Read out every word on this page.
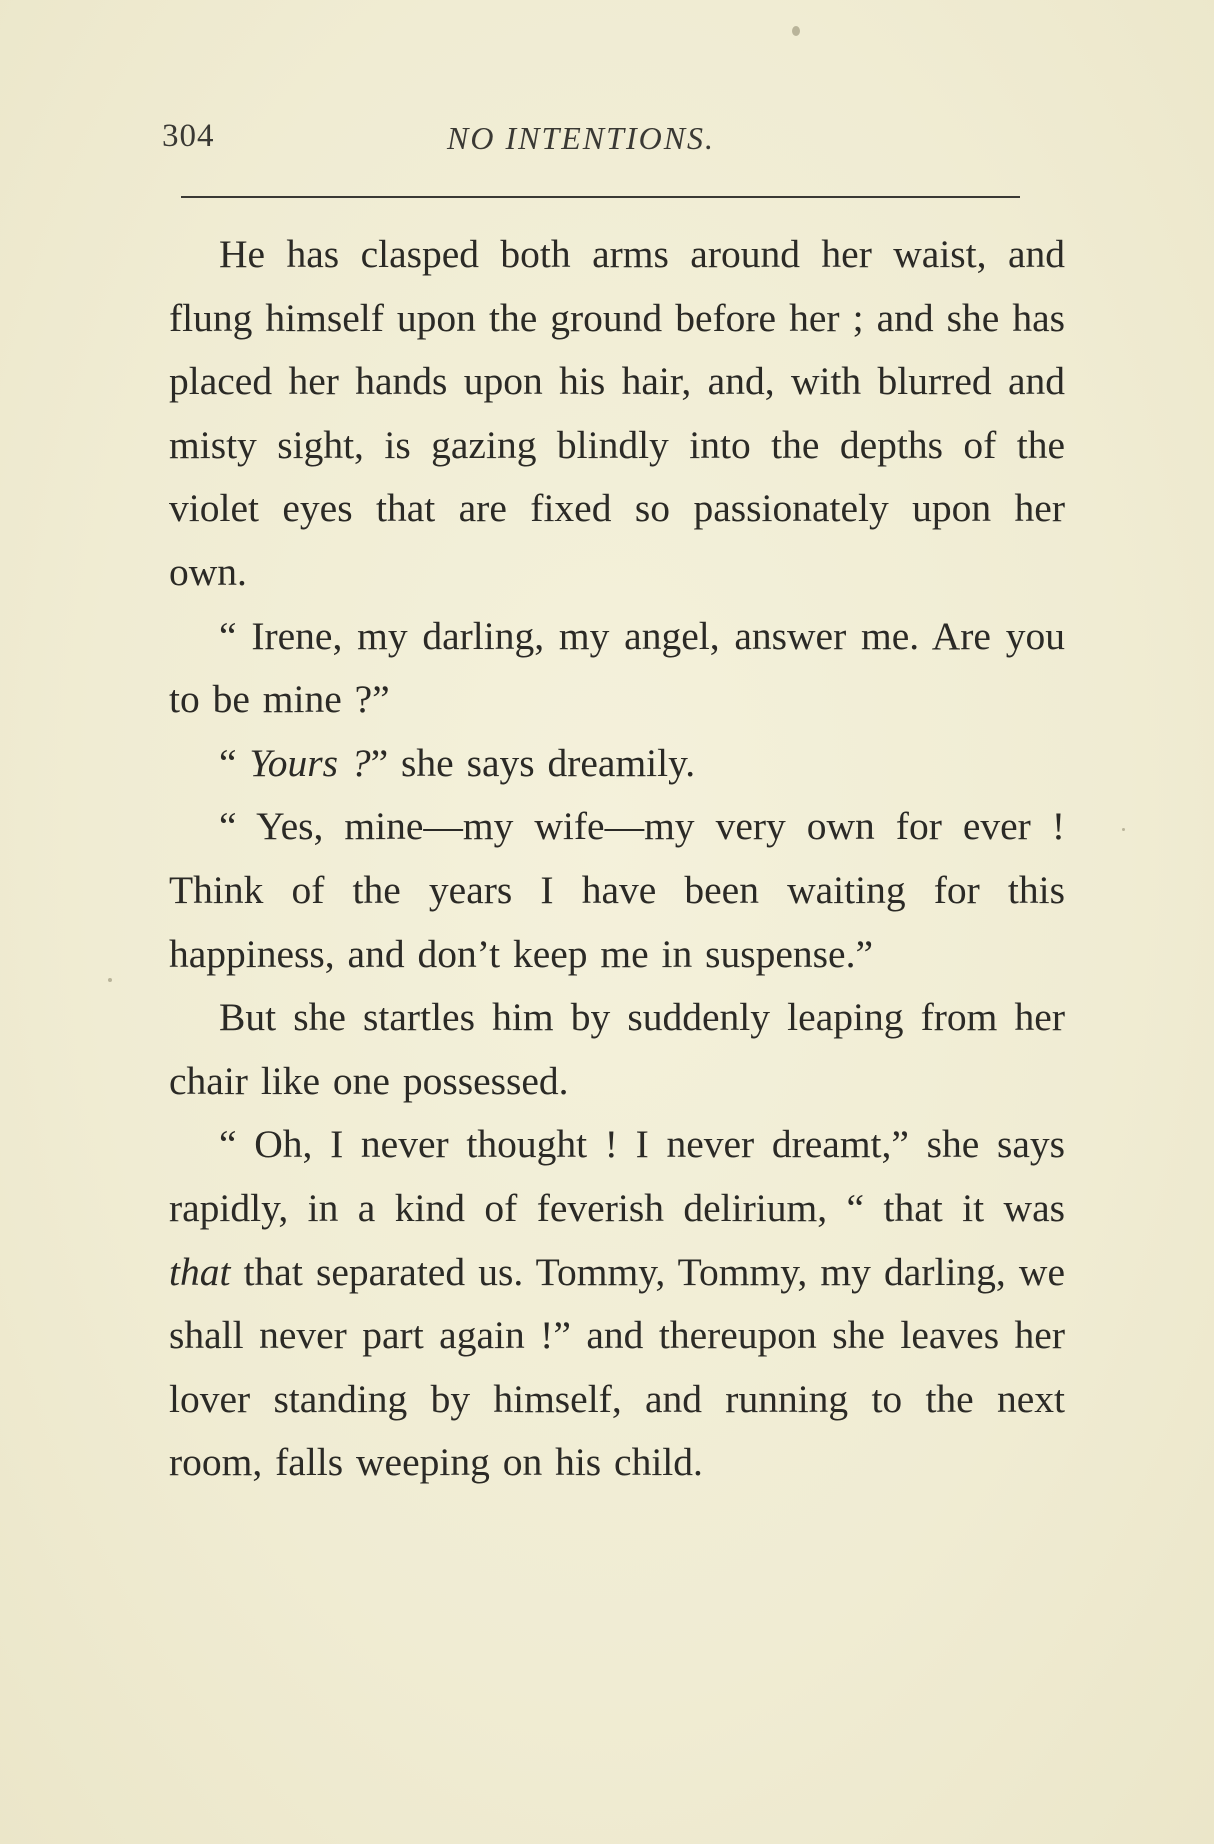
304	NO INTENTIONS.

He has clasped both arms around her waist, and flung himself upon the ground before her ; and she has placed her hands upon his hair, and, with blurred and misty sight, is gazing blindly into the depths of the violet eyes that are fixed so passionately upon her own.

“ Irene, my darling, my angel, answer me. Are you to be mine ?”

“ Yours ?” she says dreamily.

“ Yes, mine—my wife—my very own for ever ! Think of the years I have been waiting for this happiness, and don’t keep me in suspense.”

But she startles him by suddenly leaping from her chair like one possessed.

“ Oh, I never thought ! I never dreamt,” she says rapidly, in a kind of feverish delirium, “ that it was that that separated us. Tommy, Tommy, my darling, we shall never part again !” and thereupon she leaves her lover standing by himself, and running to the next room, falls weeping on his child.
